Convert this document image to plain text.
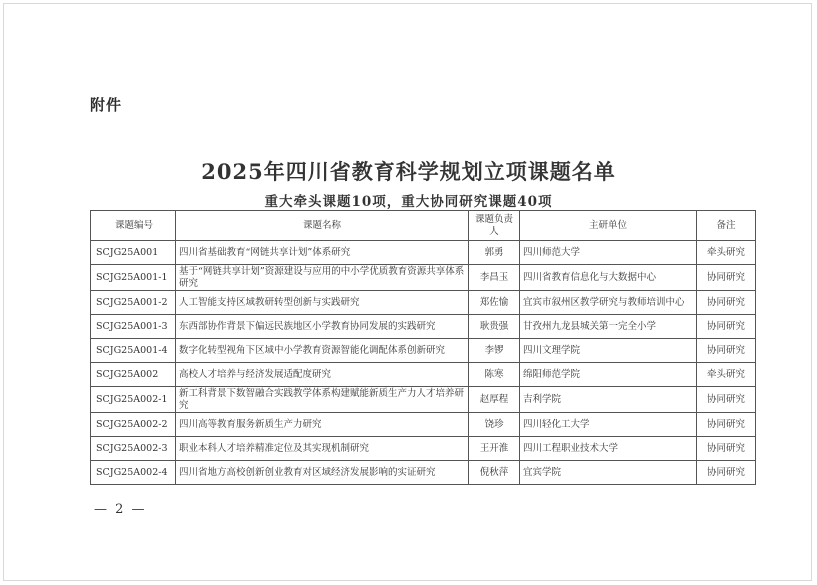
附件
2025年四川省教育科学规划立项课题名单
重大牵头课题10项，重大协同研究课题40项
课题编号	课题名称	课题负责人	主研单位	备注
SCJG25A001	四川省基础教育“网链共享计划”体系研究	郭勇	四川师范大学	牵头研究
SCJG25A001-1	基于“网链共享计划”资源建设与应用的中小学优质教育资源共享体系研究	李昌玉	四川省教育信息化与大数据中心	协同研究
SCJG25A001-2	人工智能支持区域教研转型创新与实践研究	郑佐愉	宜宾市叙州区教学研究与教师培训中心	协同研究
SCJG25A001-3	东西部协作背景下偏远民族地区小学教育协同发展的实践研究	耿贵强	甘孜州九龙县城关第一完全小学	协同研究
SCJG25A001-4	数字化转型视角下区域中小学教育资源智能化调配体系创新研究	李锣	四川文理学院	协同研究
SCJG25A002	高校人才培养与经济发展适配度研究	陈寒	绵阳师范学院	牵头研究
SCJG25A002-1	新工科背景下数智融合实践教学体系构建赋能新质生产力人才培养研究	赵厚程	吉利学院	协同研究
SCJG25A002-2	四川高等教育服务新质生产力研究	饶珍	四川轻化工大学	协同研究
SCJG25A002-3	职业本科人才培养精准定位及其实现机制研究	王开淮	四川工程职业技术大学	协同研究
SCJG25A002-4	四川省地方高校创新创业教育对区域经济发展影响的实证研究	倪秋萍	宜宾学院	协同研究
— 2 —
